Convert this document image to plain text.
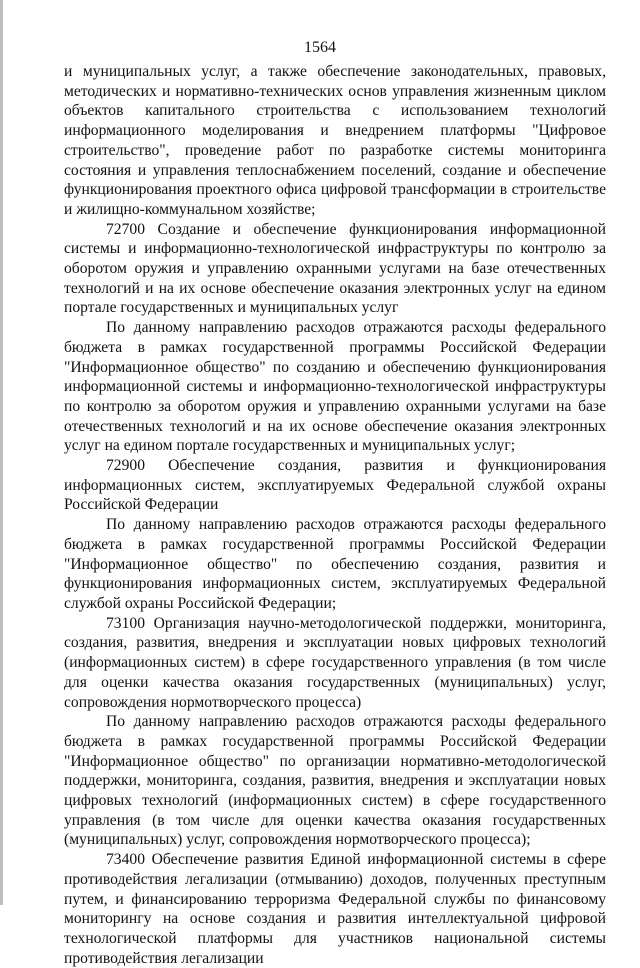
1564

и муниципальных услуг, а также обеспечение законодательных, правовых, методических и нормативно-технических основ управления жизненным циклом объектов капитального строительства с использованием технологий информационного моделирования и внедрением платформы "Цифровое строительство", проведение работ по разработке системы мониторинга состояния и управления теплоснабжением поселений, создание и обеспечение функционирования проектного офиса цифровой трансформации в строительстве и жилищно-коммунальном хозяйстве;

72700 Создание и обеспечение функционирования информационной системы и информационно-технологической инфраструктуры по контролю за оборотом оружия и управлению охранными услугами на базе отечественных технологий и на их основе обеспечение оказания электронных услуг на едином портале государственных и муниципальных услуг

По данному направлению расходов отражаются расходы федерального бюджета в рамках государственной программы Российской Федерации "Информационное общество" по созданию и обеспечению функционирования информационной системы и информационно-технологической инфраструктуры по контролю за оборотом оружия и управлению охранными услугами на базе отечественных технологий и на их основе обеспечение оказания электронных услуг на едином портале государственных и муниципальных услуг;

72900 Обеспечение создания, развития и функционирования информационных систем, эксплуатируемых Федеральной службой охраны Российской Федерации

По данному направлению расходов отражаются расходы федерального бюджета в рамках государственной программы Российской Федерации "Информационное общество" по обеспечению создания, развития и функционирования информационных систем, эксплуатируемых Федеральной службой охраны Российской Федерации;

73100 Организация научно-методологической поддержки, мониторинга, создания, развития, внедрения и эксплуатации новых цифровых технологий (информационных систем) в сфере государственного управления (в том числе для оценки качества оказания государственных (муниципальных) услуг, сопровождения нормотворческого процесса)

По данному направлению расходов отражаются расходы федерального бюджета в рамках государственной программы Российской Федерации "Информационное общество" по организации нормативно-методологической поддержки, мониторинга, создания, развития, внедрения и эксплуатации новых цифровых технологий (информационных систем) в сфере государственного управления (в том числе для оценки качества оказания государственных (муниципальных) услуг, сопровождения нормотворческого процесса);

73400 Обеспечение развития Единой информационной системы в сфере противодействия легализации (отмыванию) доходов, полученных преступным путем, и финансированию терроризма Федеральной службы по финансовому мониторингу на основе создания и развития интеллектуальной цифровой технологической платформы для участников национальной системы противодействия легализации
